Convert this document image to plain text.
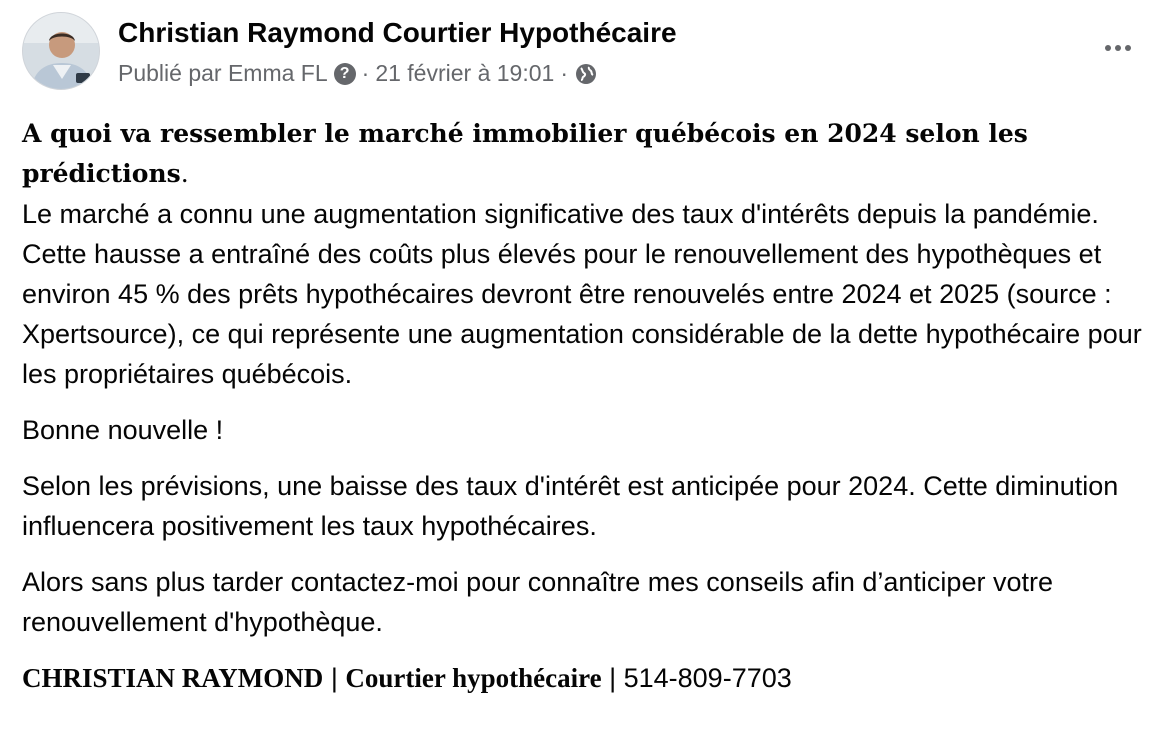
Christian Raymond Courtier Hypothécaire
Publié par Emma FL ? · 21 février à 19:01 ·

A quoi va ressembler le marché immobilier québécois en 2024 selon les prédictions.

Le marché a connu une augmentation significative des taux d'intérêts depuis la pandémie. Cette hausse a entraîné des coûts plus élevés pour le renouvellement des hypothèques et environ 45 % des prêts hypothécaires devront être renouvelés entre 2024 et 2025 (source : Xpertsource), ce qui représente une augmentation considérable de la dette hypothécaire pour les propriétaires québécois.

Bonne nouvelle !

Selon les prévisions, une baisse des taux d'intérêt est anticipée pour 2024. Cette diminution influencera positivement les taux hypothécaires.

Alors sans plus tarder contactez-moi pour connaître mes conseils afin d’anticiper votre renouvellement d'hypothèque.

CHRISTIAN RAYMOND | Courtier hypothécaire | 514-809-7703
